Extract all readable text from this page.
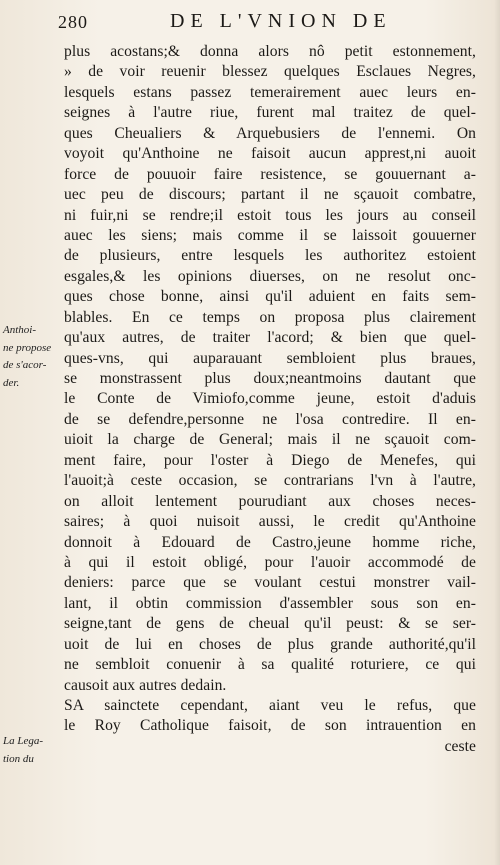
280	DE L'VNION DE
plus acostans;& donna alors nô petit estonnement,
» de voir reuenir blessez quelques Esclaues Negres,
lesquels estans passez temerairement auec leurs en-
seignes à l'autre riue, furent mal traitez de quel-
ques Cheualiers & Arquebusiers de l'ennemi. On
voyoit qu'Anthoine ne faisoit aucun apprest,ni auoit
force de pouuoir faire resistence, se gouuernant a-
uec peu de discours; partant il ne sçauoit combatre,
ni fuir,ni se rendre;il estoit tous les jours au conseil
auec les siens; mais comme il se laissoit gouuerner
de plusieurs, entre lesquels les authoritez estoient
esgales,& les opinions diuerses, on ne resolut onc-
ques chose bonne, ainsi qu'il aduient en faits sem-
blables. En ce temps on proposa plus clairement
qu'aux autres, de traiter l'acord; & bien que quel-
ques-vns, qui auparauant sembloient plus braues,
se monstrassent plus doux;neantmoins dautant que
le Conte de Vimiofo,comme jeune, estoit d'aduis
de se defendre,personne ne l'osa contredire. Il en-
uioit la charge de General; mais il ne sçauoit com-
ment faire, pour l'oster à Diego de Menefes, qui
l'auoit;à ceste occasion, se contrarians l'vn à l'autre,
on alloit lentement pourudiant aux choses neces-
saires; à quoi nuisoit aussi, le credit qu'Anthoine
donnoit à Edouard de Castro,jeune homme riche,
à qui il estoit obligé, pour l'auoir accommodé de
deniers: parce que se voulant cestui monstrer vail-
lant, il obtin commission d'assembler sous son en-
seigne,tant de gens de cheual qu'il peust: & se ser-
uoit de lui en choses de plus grande authorité,qu'il
ne sembloit conuenir à sa qualité roturiere, ce qui
causoit aux autres dedain.
SA sainctete cependant, aiant veu le refus, que
le Roy Catholique faisoit, de son intrauention en
ceste
Anthoi-
ne propose
de s'acor-
der.
La Lega-
tion du
